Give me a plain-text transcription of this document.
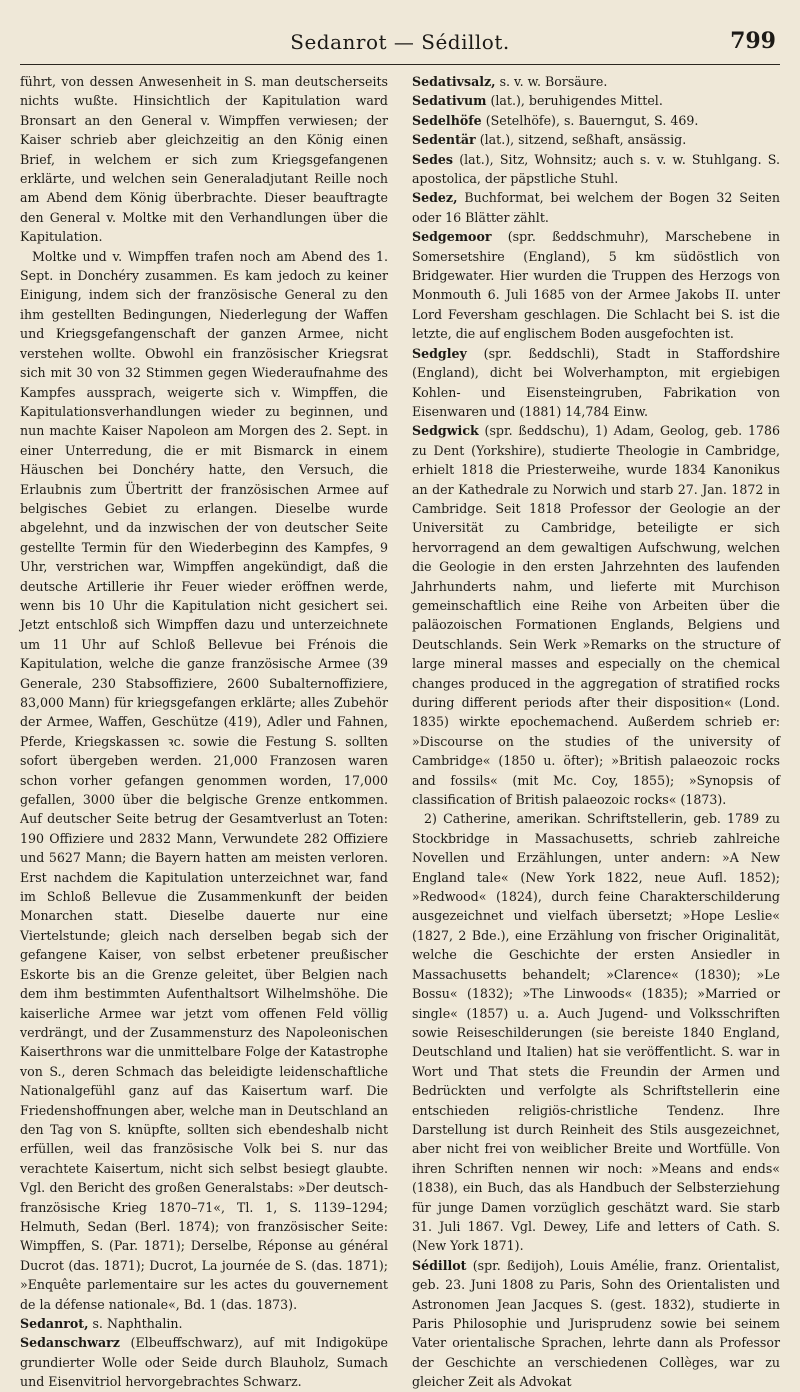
Sedanrot — Sédillot.	799

führt, von dessen Anwesenheit in S. man deutscherseits nichts wußte. Hinsichtlich der Kapitulation ward Bronsart an den General v. Wimpffen verwiesen; der Kaiser schrieb aber gleichzeitig an den König einen Brief, in welchem er sich zum Kriegsgefangenen erklärte, und welchen sein Generaladjutant Reille noch am Abend dem König überbrachte. Dieser beauftragte den General v. Moltke mit den Verhandlungen über die Kapitulation.

Moltke und v. Wimpffen trafen noch am Abend des 1. Sept. in Donchéry zusammen. Es kam jedoch zu keiner Einigung, indem sich der französische General zu den ihm gestellten Bedingungen, Niederlegung der Waffen und Kriegsgefangenschaft der ganzen Armee, nicht verstehen wollte. Obwohl ein französischer Kriegsrat sich mit 30 von 32 Stimmen gegen Wiederaufnahme des Kampfes aussprach, weigerte sich v. Wimpffen, die Kapitulationsverhandlungen wieder zu beginnen, und nun machte Kaiser Napoleon am Morgen des 2. Sept. in einer Unterredung, die er mit Bismarck in einem Häuschen bei Donchéry hatte, den Versuch, die Erlaubnis zum Übertritt der französischen Armee auf belgisches Gebiet zu erlangen. Dieselbe wurde abgelehnt, und da inzwischen der von deutscher Seite gestellte Termin für den Wiederbeginn des Kampfes, 9 Uhr, verstrichen war, Wimpffen angekündigt, daß die deutsche Artillerie ihr Feuer wieder eröffnen werde, wenn bis 10 Uhr die Kapitulation nicht gesichert sei. Jetzt entschloß sich Wimpffen dazu und unterzeichnete um 11 Uhr auf Schloß Bellevue bei Frénois die Kapitulation, welche die ganze französische Armee (39 Generale, 230 Stabsoffiziere, 2600 Subalternoffiziere, 83,000 Mann) für kriegsgefangen erklärte; alles Zubehör der Armee, Waffen, Geschütze (419), Adler und Fahnen, Pferde, Kriegskassen ꝛc. sowie die Festung S. sollten sofort übergeben werden. 21,000 Franzosen waren schon vorher gefangen genommen worden, 17,000 gefallen, 3000 über die belgische Grenze entkommen. Auf deutscher Seite betrug der Gesamtverlust an Toten: 190 Offiziere und 2832 Mann, Verwundete 282 Offiziere und 5627 Mann; die Bayern hatten am meisten verloren. Erst nachdem die Kapitulation unterzeichnet war, fand im Schloß Bellevue die Zusammenkunft der beiden Monarchen statt. Dieselbe dauerte nur eine Viertelstunde; gleich nach derselben begab sich der gefangene Kaiser, von selbst erbetener preußischer Eskorte bis an die Grenze geleitet, über Belgien nach dem ihm bestimmten Aufenthaltsort Wilhelmshöhe. Die kaiserliche Armee war jetzt vom offenen Feld völlig verdrängt, und der Zusammensturz des Napoleonischen Kaiserthrons war die unmittelbare Folge der Katastrophe von S., deren Schmach das beleidigte leidenschaftliche Nationalgefühl ganz auf das Kaisertum warf. Die Friedenshoffnungen aber, welche man in Deutschland an den Tag von S. knüpfte, sollten sich ebendeshalb nicht erfüllen, weil das französische Volk bei S. nur das verachtete Kaisertum, nicht sich selbst besiegt glaubte. Vgl. den Bericht des großen Generalstabs: »Der deutsch-französische Krieg 1870–71«, Tl. 1, S. 1139–1294; Helmuth, Sedan (Berl. 1874); von französischer Seite: Wimpffen, S. (Par. 1871); Derselbe, Réponse au général Ducrot (das. 1871); Ducrot, La journée de S. (das. 1871); »Enquête parlementaire sur les actes du gouvernement de la défense nationale«, Bd. 1 (das. 1873).

Sedanrot, s. Naphthalin.

Sedanschwarz (Elbeuffschwarz), auf mit Indigoküpe grundierter Wolle oder Seide durch Blauholz, Sumach und Eisenvitriol hervorgebrachtes Schwarz.

Sedativsalz, s. v. w. Borsäure.

Sedativum (lat.), beruhigendes Mittel.

Sedelhöfe (Setelhöfe), s. Bauerngut, S. 469.

Sedentär (lat.), sitzend, seßhaft, ansässig.

Sedes (lat.), Sitz, Wohnsitz; auch s. v. w. Stuhlgang. S. apostolica, der päpstliche Stuhl.

Sedez, Buchformat, bei welchem der Bogen 32 Seiten oder 16 Blätter zählt.

Sedgemoor (spr. ßeddschmuhr), Marschebene in Somersetshire (England), 5 km südöstlich von Bridgewater. Hier wurden die Truppen des Herzogs von Monmouth 6. Juli 1685 von der Armee Jakobs II. unter Lord Feversham geschlagen. Die Schlacht bei S. ist die letzte, die auf englischem Boden ausgefochten ist.

Sedgley (spr. ßeddschli), Stadt in Staffordshire (England), dicht bei Wolverhampton, mit ergiebigen Kohlen- und Eisensteingruben, Fabrikation von Eisenwaren und (1881) 14,784 Einw.

Sedgwick (spr. ßeddschu), 1) Adam, Geolog, geb. 1786 zu Dent (Yorkshire), studierte Theologie in Cambridge, erhielt 1818 die Priesterweihe, wurde 1834 Kanonikus an der Kathedrale zu Norwich und starb 27. Jan. 1872 in Cambridge. Seit 1818 Professor der Geologie an der Universität zu Cambridge, beteiligte er sich hervorragend an dem gewaltigen Aufschwung, welchen die Geologie in den ersten Jahrzehnten des laufenden Jahrhunderts nahm, und lieferte mit Murchison gemeinschaftlich eine Reihe von Arbeiten über die paläozoischen Formationen Englands, Belgiens und Deutschlands. Sein Werk »Remarks on the structure of large mineral masses and especially on the chemical changes produced in the aggregation of stratified rocks during different periods after their disposition« (Lond. 1835) wirkte epochemachend. Außerdem schrieb er: »Discourse on the studies of the university of Cambridge« (1850 u. öfter); »British palaeozoic rocks and fossils« (mit Mc. Coy, 1855); »Synopsis of classification of British palaeozoic rocks« (1873).

2) Catherine, amerikan. Schriftstellerin, geb. 1789 zu Stockbridge in Massachusetts, schrieb zahlreiche Novellen und Erzählungen, unter andern: »A New England tale« (New York 1822, neue Aufl. 1852); »Redwood« (1824), durch feine Charakterschilderung ausgezeichnet und vielfach übersetzt; »Hope Leslie« (1827, 2 Bde.), eine Erzählung von frischer Originalität, welche die Geschichte der ersten Ansiedler in Massachusetts behandelt; »Clarence« (1830); »Le Bossu« (1832); »The Linwoods« (1835); »Married or single« (1857) u. a. Auch Jugend- und Volksschriften sowie Reiseschilderungen (sie bereiste 1840 England, Deutschland und Italien) hat sie veröffentlicht. S. war in Wort und That stets die Freundin der Armen und Bedrückten und verfolgte als Schriftstellerin eine entschieden religiös-christliche Tendenz. Ihre Darstellung ist durch Reinheit des Stils ausgezeichnet, aber nicht frei von weiblicher Breite und Wortfülle. Von ihren Schriften nennen wir noch: »Means and ends« (1838), ein Buch, das als Handbuch der Selbsterziehung für junge Damen vorzüglich geschätzt ward. Sie starb 31. Juli 1867. Vgl. Dewey, Life and letters of Cath. S. (New York 1871).

Sédillot (spr. ßedijoh), Louis Amélie, franz. Orientalist, geb. 23. Juni 1808 zu Paris, Sohn des Orientalisten und Astronomen Jean Jacques S. (gest. 1832), studierte in Paris Philosophie und Jurisprudenz sowie bei seinem Vater orientalische Sprachen, lehrte dann als Professor der Geschichte an verschiedenen Collèges, war zu gleicher Zeit als Advokat
